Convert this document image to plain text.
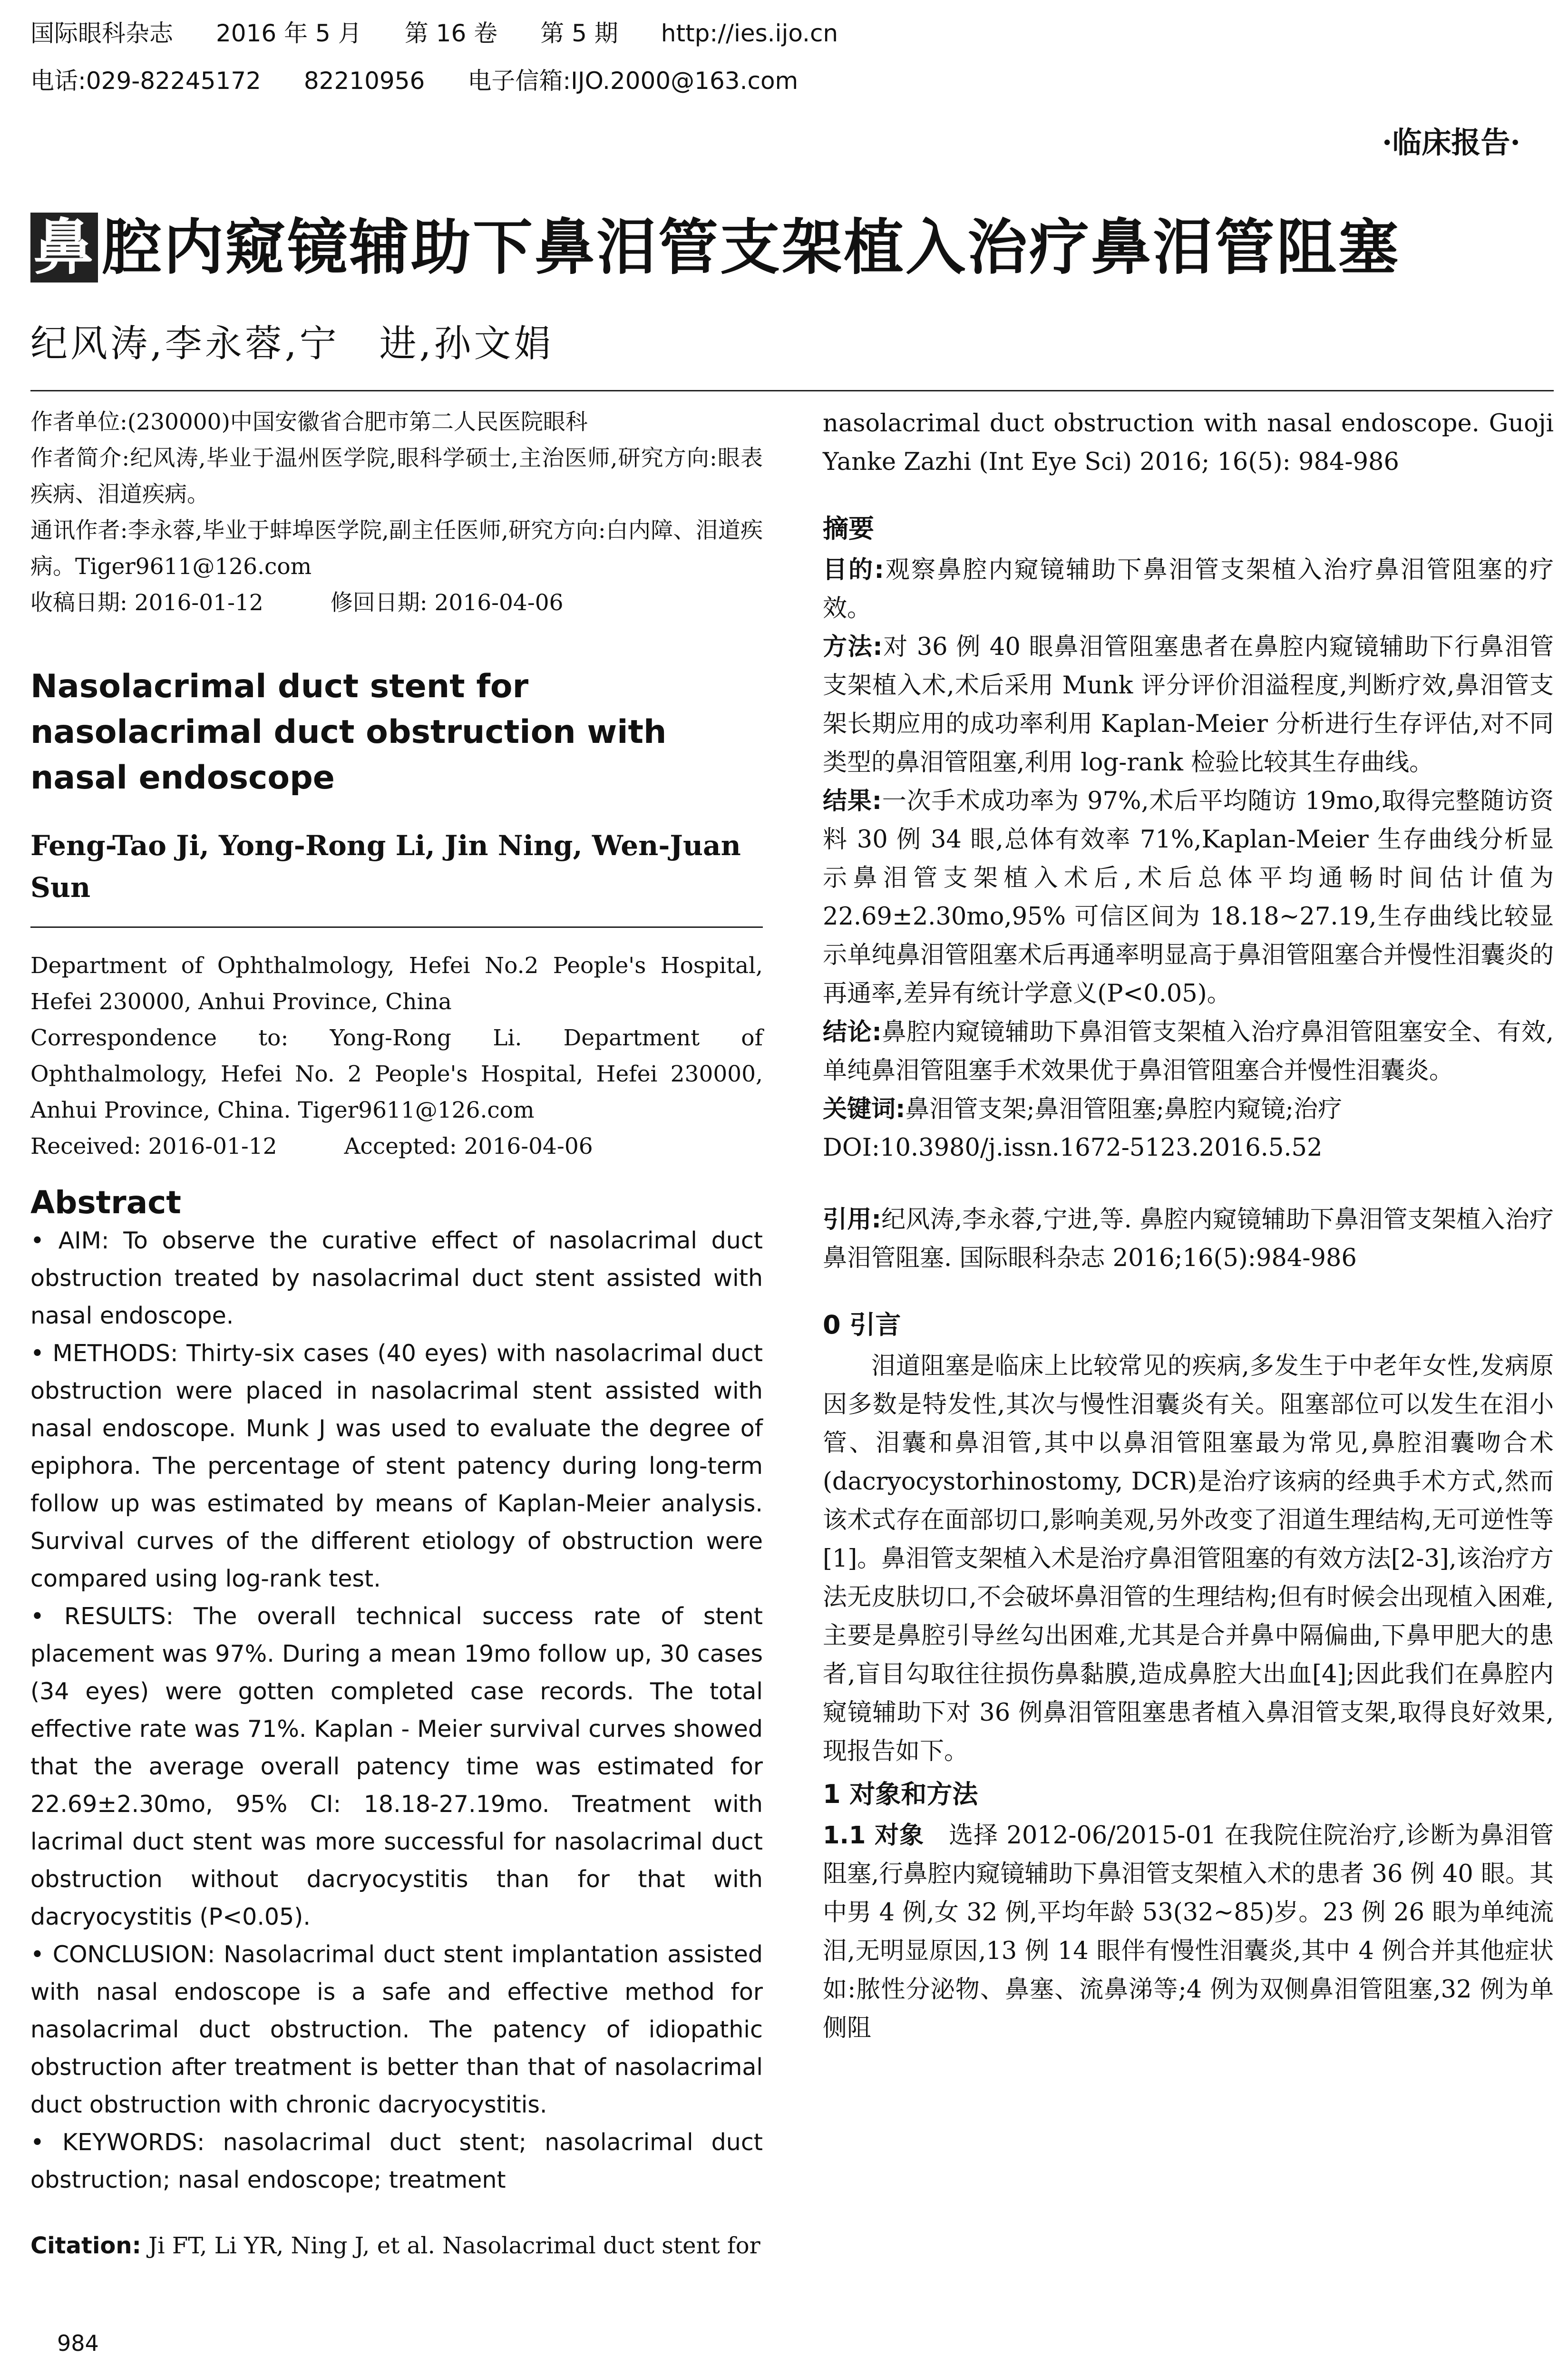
国际眼科杂志 2016 年 5 月 第 16 卷 第 5 期 http://ies.ijo.cn
电话:029-82245172 82210956 电子信箱:IJO.2000@163.com
·临床报告·
鼻 腔内窥镜辅助下鼻泪管支架植入治疗鼻泪管阻塞
纪风涛,李永蓉,宁　进,孙文娟

作者单位:(230000)中国安徽省合肥市第二人民医院眼科

作者简介:纪风涛,毕业于温州医学院,眼科学硕士,主治医师,研究方向:眼表疾病、泪道疾病。

通讯作者:李永蓉,毕业于蚌埠医学院,副主任医师,研究方向:白内障、泪道疾病。Tiger9611@126.com

收稿日期: 2016-01-12　　　修回日期: 2016-04-06

Nasolacrimal duct stent for nasolacrimal duct obstruction with nasal endoscope
Feng-Tao Ji, Yong-Rong Li, Jin Ning, Wen-Juan Sun

Department of Ophthalmology, Hefei No.2 People's Hospital, Hefei 230000, Anhui Province, China

Correspondence to: Yong-Rong Li. Department of Ophthalmology, Hefei No. 2 People's Hospital, Hefei 230000, Anhui Province, China. Tiger9611@126.com

Received: 2016-01-12　　　Accepted: 2016-04-06

Abstract

• AIM: To observe the curative effect of nasolacrimal duct obstruction treated by nasolacrimal duct stent assisted with nasal endoscope.

• METHODS: Thirty-six cases (40 eyes) with nasolacrimal duct obstruction were placed in nasolacrimal stent assisted with nasal endoscope. Munk J was used to evaluate the degree of epiphora. The percentage of stent patency during long-term follow up was estimated by means of Kaplan-Meier analysis. Survival curves of the different etiology of obstruction were compared using log-rank test.

• RESULTS: The overall technical success rate of stent placement was 97%. During a mean 19mo follow up, 30 cases (34 eyes) were gotten completed case records. The total effective rate was 71%. Kaplan - Meier survival curves showed that the average overall patency time was estimated for 22.69±2.30mo, 95% CI: 18.18-27.19mo. Treatment with lacrimal duct stent was more successful for nasolacrimal duct obstruction without dacryocystitis than for that with dacryocystitis (P<0.05).

• CONCLUSION: Nasolacrimal duct stent implantation assisted with nasal endoscope is a safe and effective method for nasolacrimal duct obstruction. The patency of idiopathic obstruction after treatment is better than that of nasolacrimal duct obstruction with chronic dacryocystitis.

• KEYWORDS: nasolacrimal duct stent; nasolacrimal duct obstruction; nasal endoscope; treatment

Citation: Ji FT, Li YR, Ning J, et al. Nasolacrimal duct stent for

nasolacrimal duct obstruction with nasal endoscope. Guoji Yanke Zazhi (Int Eye Sci) 2016; 16(5): 984-986

摘要

目的:观察鼻腔内窥镜辅助下鼻泪管支架植入治疗鼻泪管阻塞的疗效。

方法:对 36 例 40 眼鼻泪管阻塞患者在鼻腔内窥镜辅助下行鼻泪管支架植入术,术后采用 Munk 评分评价泪溢程度,判断疗效,鼻泪管支架长期应用的成功率利用 Kaplan-Meier 分析进行生存评估,对不同类型的鼻泪管阻塞,利用 log-rank 检验比较其生存曲线。

结果:一次手术成功率为 97%,术后平均随访 19mo,取得完整随访资料 30 例 34 眼,总体有效率 71%,Kaplan-Meier 生存曲线分析显示鼻泪管支架植入术后,术后总体平均通畅时间估计值为 22.69±2.30mo,95% 可信区间为 18.18~27.19,生存曲线比较显示单纯鼻泪管阻塞术后再通率明显高于鼻泪管阻塞合并慢性泪囊炎的再通率,差异有统计学意义(P<0.05)。

结论:鼻腔内窥镜辅助下鼻泪管支架植入治疗鼻泪管阻塞安全、有效,单纯鼻泪管阻塞手术效果优于鼻泪管阻塞合并慢性泪囊炎。

关键词:鼻泪管支架;鼻泪管阻塞;鼻腔内窥镜;治疗

DOI:10.3980/j.issn.1672-5123.2016.5.52

引用:纪风涛,李永蓉,宁进,等. 鼻腔内窥镜辅助下鼻泪管支架植入治疗鼻泪管阻塞. 国际眼科杂志 2016;16(5):984-986

0 引言

泪道阻塞是临床上比较常见的疾病,多发生于中老年女性,发病原因多数是特发性,其次与慢性泪囊炎有关。阻塞部位可以发生在泪小管、泪囊和鼻泪管,其中以鼻泪管阻塞最为常见,鼻腔泪囊吻合术(dacryocystorhinostomy, DCR)是治疗该病的经典手术方式,然而该术式存在面部切口,影响美观,另外改变了泪道生理结构,无可逆性等[1]。鼻泪管支架植入术是治疗鼻泪管阻塞的有效方法[2-3],该治疗方法无皮肤切口,不会破坏鼻泪管的生理结构;但有时候会出现植入困难,主要是鼻腔引导丝勾出困难,尤其是合并鼻中隔偏曲,下鼻甲肥大的患者,盲目勾取往往损伤鼻黏膜,造成鼻腔大出血[4];因此我们在鼻腔内窥镜辅助下对 36 例鼻泪管阻塞患者植入鼻泪管支架,取得良好效果,现报告如下。

1 对象和方法

1.1 对象　 选择 2012-06/2015-01 在我院住院治疗,诊断为鼻泪管阻塞,行鼻腔内窥镜辅助下鼻泪管支架植入术的患者 36 例 40 眼。其中男 4 例,女 32 例,平均年龄 53(32~85)岁。23 例 26 眼为单纯流泪,无明显原因,13 例 14 眼伴有慢性泪囊炎,其中 4 例合并其他症状如:脓性分泌物、鼻塞、流鼻涕等;4 例为双侧鼻泪管阻塞,32 例为单侧阻

984
